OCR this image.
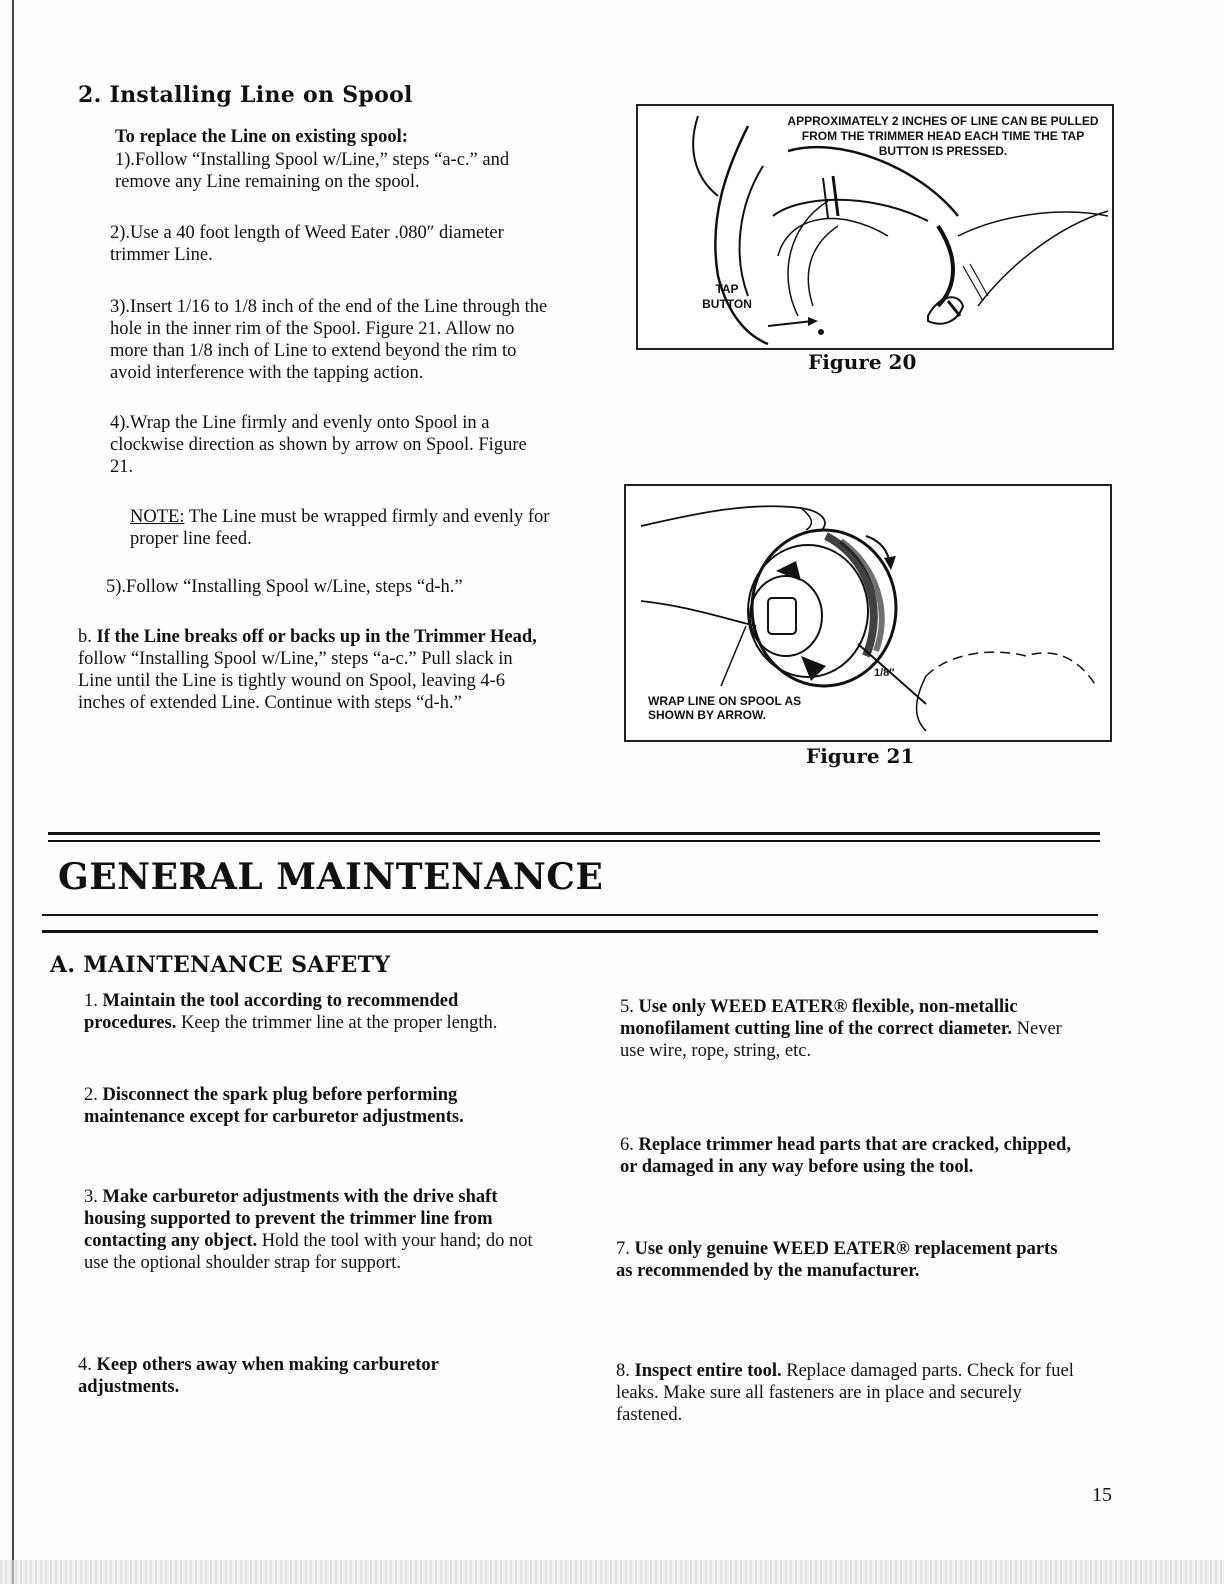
2. Installing Line on Spool
To replace the Line on existing spool:
1).Follow “Installing Spool w/Line,” steps “a-c.” and remove any Line remaining on the spool.
2).Use a 40 foot length of Weed Eater .080″ diameter trimmer Line.
3).Insert 1/16 to 1/8 inch of the end of the Line through the hole in the inner rim of the Spool. Figure 21. Allow no more than 1/8 inch of Line to extend beyond the rim to avoid interference with the tapping action.
4).Wrap the Line firmly and evenly onto Spool in a clockwise direction as shown by arrow on Spool. Figure 21.
NOTE: The Line must be wrapped firmly and evenly for proper line feed.
5).Follow “Installing Spool w/Line, steps “d-h.”
b. If the Line breaks off or backs up in the Trimmer Head, follow “Installing Spool w/Line,” steps “a-c.” Pull slack in Line until the Line is tightly wound on Spool, leaving 4-6 inches of extended Line. Continue with steps “d-h.”
APPROXIMATELY 2 INCHES OF LINE CAN BE PULLED FROM THE TRIMMER HEAD EACH TIME THE TAP BUTTON IS PRESSED.
TAP
BUTTON
Figure 20
1/8″
WRAP LINE ON SPOOL AS SHOWN BY ARROW.
Figure 21
GENERAL MAINTENANCE
A. MAINTENANCE SAFETY
1. Maintain the tool according to recommended procedures. Keep the trimmer line at the proper length.
2. Disconnect the spark plug before performing maintenance except for carburetor adjustments.
3. Make carburetor adjustments with the drive shaft housing supported to prevent the trimmer line from contacting any object. Hold the tool with your hand; do not use the optional shoulder strap for support.
4. Keep others away when making carburetor adjustments.
5. Use only WEED EATER® flexible, non-metallic monofilament cutting line of the correct diameter. Never use wire, rope, string, etc.
6. Replace trimmer head parts that are cracked, chipped, or damaged in any way before using the tool.
7. Use only genuine WEED EATER® replacement parts as recommended by the manufacturer.
8. Inspect entire tool. Replace damaged parts. Check for fuel leaks. Make sure all fasteners are in place and securely fastened.
15
